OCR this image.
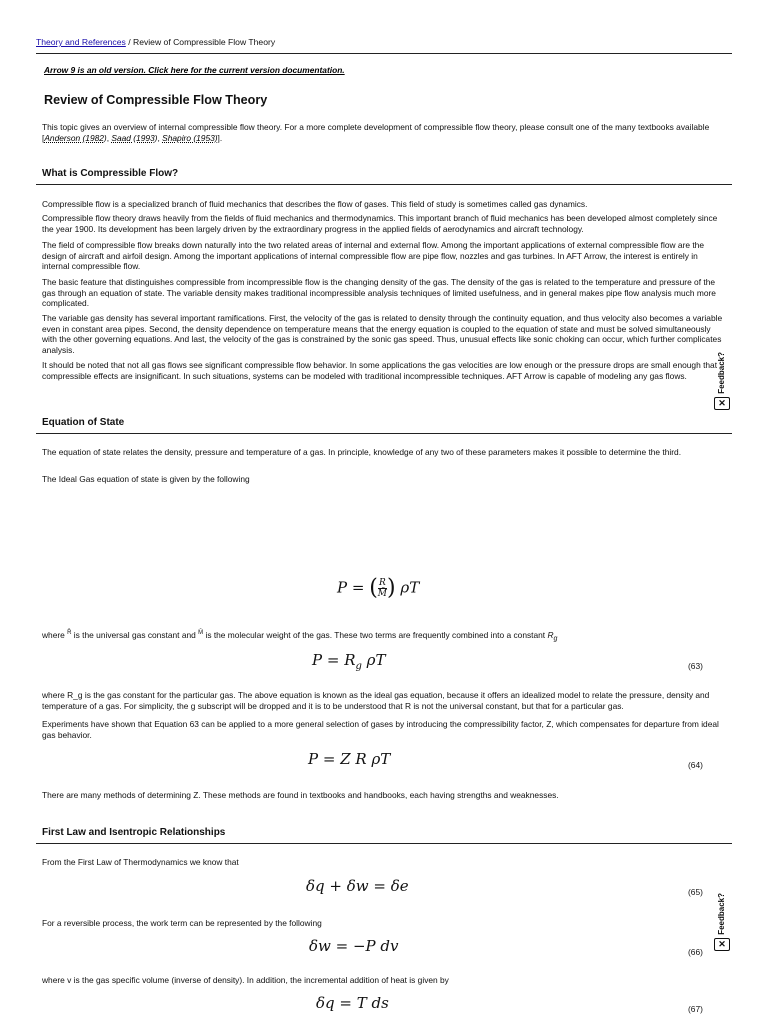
Theory and References / Review of Compressible Flow Theory
Arrow 9 is an old version. Click here for the current version documentation.
Review of Compressible Flow Theory
This topic gives an overview of internal compressible flow theory. For a more complete development of compressible flow theory, please consult one of the many textbooks available [Anderson (1982), Saad (1993), Shapiro (1953)].
What is Compressible Flow?
Compressible flow is a specialized branch of fluid mechanics that describes the flow of gases. This field of study is sometimes called gas dynamics.
Compressible flow theory draws heavily from the fields of fluid mechanics and thermodynamics. This important branch of fluid mechanics has been developed almost completely since the year 1900. Its development has been largely driven by the extraordinary progress in the applied fields of aerodynamics and aircraft technology.
The field of compressible flow breaks down naturally into the two related areas of internal and external flow. Among the important applications of external compressible flow are the design of aircraft and airfoil design. Among the important applications of internal compressible flow are pipe flow, nozzles and gas turbines. In AFT Arrow, the interest is entirely in internal compressible flow.
The basic feature that distinguishes compressible from incompressible flow is the changing density of the gas. The density of the gas is related to the temperature and pressure of the gas through an equation of state. The variable density makes traditional incompressible analysis techniques of limited usefulness, and in general makes pipe flow analysis much more complicated.
The variable gas density has several important ramifications. First, the velocity of the gas is related to density through the continuity equation, and thus velocity also becomes a variable even in constant area pipes. Second, the density dependence on temperature means that the energy equation is coupled to the equation of state and must be solved simultaneously with the other governing equations. And last, the velocity of the gas is constrained by the sonic gas speed. Thus, unusual effects like sonic choking can occur, which further complicates analysis.
It should be noted that not all gas flows see significant compressible flow behavior. In some applications the gas velocities are low enough or the pressure drops are small enough that compressible effects are insignificant. In such situations, systems can be modeled with traditional incompressible techniques. AFT Arrow is capable of modeling any gas flows.	Feedback?
✕
Equation of State
The equation of state relates the density, pressure and temperature of a gas. In principle, knowledge of any two of these parameters makes it possible to determine the third.
The Ideal Gas equation of state is given by the following
P = ( $\frac{R}{M̄}$ ) ρT
where $^{R̄}$ is the universal gas constant and $^{M̄}$ is the molecular weight of the gas. These two terms are frequently combined into a constant $R_g$
$P = R_g$ ρT	(63)
where R_g is the gas constant for the particular gas. The above equation is known as the ideal gas equation, because it offers an idealized model to relate the pressure, density and temperature of a gas. For simplicity, the g subscript will be dropped and it is to be understood that R is not the universal constant, but that for a particular gas.
Experiments have shown that Equation 63 can be applied to a more general selection of gases by introducing the compressibility factor, Z, which compensates for departure from ideal gas behavior.
P = Z R ρT	(64)
There are many methods of determining Z. These methods are found in textbooks and handbooks, each having strengths and weaknesses.
First Law and Isentropic Relationships
From the First Law of Thermodynamics we know that
δq + δw = δe	(65)
For a reversible process, the work term can be represented by the following
δw = −P dv	(66)
Feedback?
✕
where v is the gas specific volume (inverse of density). In addition, the incremental addition of heat is given by
δq = T ds	(67)
